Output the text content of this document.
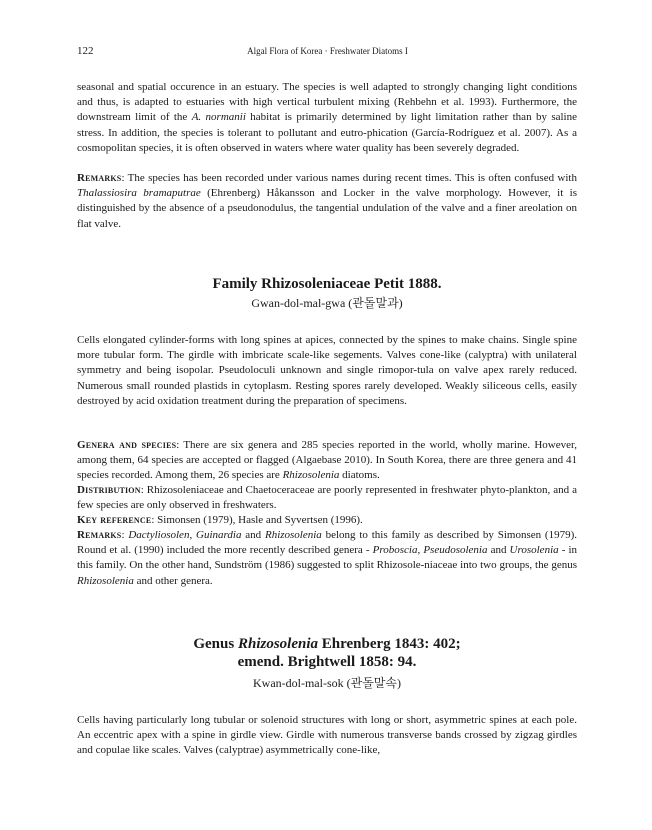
122	Algal Flora of Korea · Freshwater Diatoms I

seasonal and spatial occurence in an estuary. The species is well adapted to strongly changing light conditions and thus, is adapted to estuaries with high vertical turbulent mixing (Rehbehn et al. 1993). Furthermore, the downstream limit of the A. normanii habitat is primarily determined by light limitation rather than by saline stress. In addition, the species is tolerant to pollutant and eutro-phication (García-Rodríguez et al. 2007). As a cosmopolitan species, it is often observed in waters where water quality has been severely degraded.

Remarks: The species has been recorded under various names during recent times. This is often confused with Thalassiosira bramaputrae (Ehrenberg) Håkansson and Locker in the valve morphology. However, it is distinguished by the absence of a pseudonodulus, the tangential undulation of the valve and a finer areolation on flat valve.

Family Rhizosoleniaceae Petit 1888.
Gwan-dol-mal-gwa (관돌말과)

Cells elongated cylinder-forms with long spines at apices, connected by the spines to make chains. Single spine more tubular form. The girdle with imbricate scale-like segements. Valves cone-like (calyptra) with unilateral symmetry and being isopolar. Pseudoloculi unknown and single rimopor-tula on valve apex rarely reduced. Numerous small rounded plastids in cytoplasm. Resting spores rarely developed. Weakly siliceous cells, easily destroyed by acid oxidation treatment during the preparation of specimens.

Genera and species: There are six genera and 285 species reported in the world, wholly marine. However, among them, 64 species are accepted or flagged (Algaebase 2010). In South Korea, there are three genera and 41 species recorded. Among them, 26 species are Rhizosolenia diatoms.

Distribution: Rhizosoleniaceae and Chaetoceraceae are poorly represented in freshwater phyto-plankton, and a few species are only observed in freshwaters.

Key reference: Simonsen (1979), Hasle and Syvertsen (1996).

Remarks: Dactyliosolen, Guinardia and Rhizosolenia belong to this family as described by Simonsen (1979). Round et al. (1990) included the more recently described genera - Proboscia, Pseudosolenia and Urosolenia - in this family. On the other hand, Sundström (1986) suggested to split Rhizosole-niaceae into two groups, the genus Rhizosolenia and other genera.

Genus Rhizosolenia Ehrenberg 1843: 402;
emend. Brightwell 1858: 94.
Kwan-dol-mal-sok (관돌말속)

Cells having particularly long tubular or solenoid structures with long or short, asymmetric spines at each pole. An eccentric apex with a spine in girdle view. Girdle with numerous transverse bands crossed by zigzag girdles and copulae like scales. Valves (calyptrae) asymmetrically cone-like,
